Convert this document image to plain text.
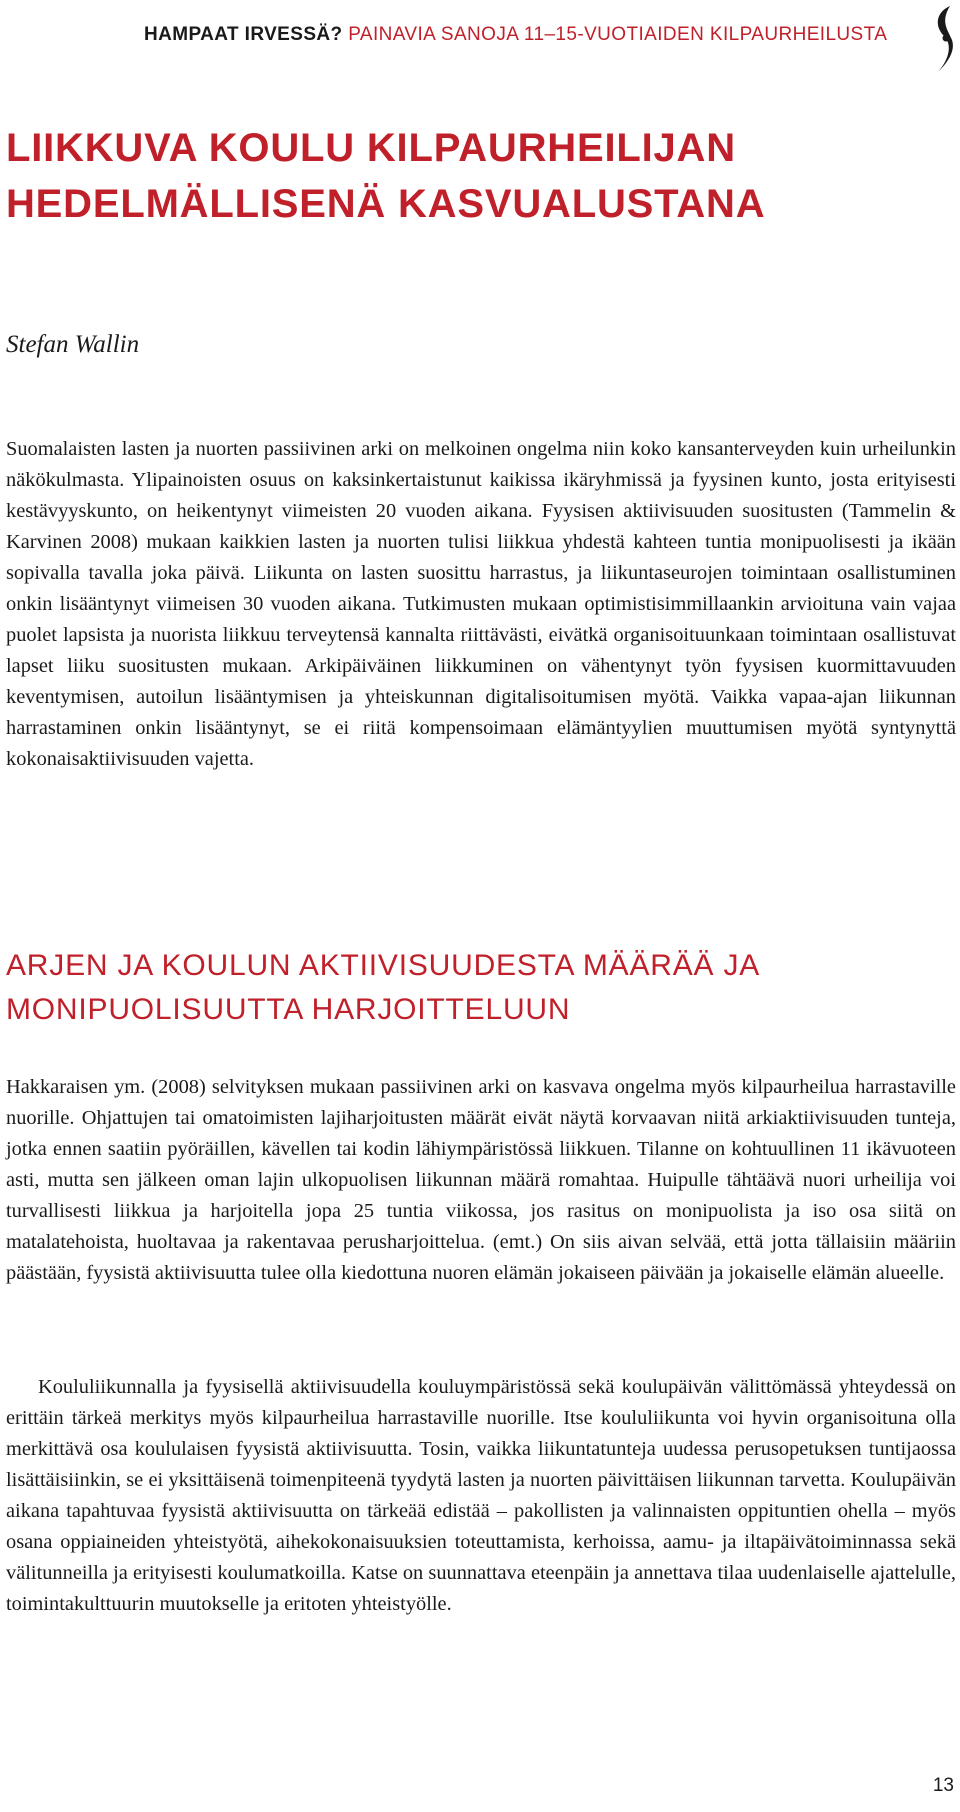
HAMPAAT IRVESSÄ? PAINAVIA SANOJA 11–15-VUOTIAIDEN KILPAURHEILUSTA
LIIKKUVA KOULU KILPAURHEILIJAN
HEDELMÄLLISENÄ KASVUALUSTANA
Stefan Wallin

Suomalaisten lasten ja nuorten passiivinen arki on melkoinen ongelma niin koko kansanterveyden kuin urheilunkin näkökulmasta. Ylipainoisten osuus on kaksinkertaistunut kaikissa ikäryhmissä ja fyysinen kunto, josta erityisesti kestävyyskunto, on heikentynyt viimeisten 20 vuoden aikana. Fyysisen aktiivisuuden suositusten (Tammelin & Karvinen 2008) mukaan kaikkien lasten ja nuorten tulisi liikkua yhdestä kahteen tuntia monipuolisesti ja ikään sopivalla tavalla joka päivä. Liikunta on lasten suosittu harrastus, ja liikuntaseurojen toimintaan osallistuminen onkin lisääntynyt viimeisen 30 vuoden aikana. Tutkimusten mukaan optimistisimmillaankin arvioituna vain vajaa puolet lapsista ja nuorista liikkuu terveytensä kannalta riittävästi, eivätkä organisoituunkaan toimintaan osallistuvat lapset liiku suositusten mukaan. Arkipäiväinen liikkuminen on vähentynyt työn fyysisen kuormittavuuden keventymisen, autoilun lisääntymisen ja yhteiskunnan digitalisoitumisen myötä. Vaikka vapaa-ajan liikunnan harrastaminen onkin lisääntynyt, se ei riitä kompensoimaan elämäntyylien muuttumisen myötä syntynyttä kokonaisaktiivisuuden vajetta.

ARJEN JA KOULUN AKTIIVISUUDESTA MÄÄRÄÄ JA
MONIPUOLISUUTTA HARJOITTELUUN

Hakkaraisen ym. (2008) selvityksen mukaan passiivinen arki on kasvava ongelma myös kilpaurheilua harrastaville nuorille. Ohjattujen tai omatoimisten lajiharjoitusten määrät eivät näytä korvaavan niitä arkiaktiivisuuden tunteja, jotka ennen saatiin pyöräillen, kävellen tai kodin lähiympäristössä liikkuen. Tilanne on kohtuullinen 11 ikävuoteen asti, mutta sen jälkeen oman lajin ulkopuolisen liikunnan määrä romahtaa. Huipulle tähtäävä nuori urheilija voi turvallisesti liikkua ja harjoitella jopa 25 tuntia viikossa, jos rasitus on monipuolista ja iso osa siitä on matalatehoista, huoltavaa ja rakentavaa perusharjoittelua. (emt.) On siis aivan selvää, että jotta tällaisiin määriin päästään, fyysistä aktiivisuutta tulee olla kiedottuna nuoren elämän jokaiseen päivään ja jokaiselle elämän alueelle.

Koululiikunnalla ja fyysisellä aktiivisuudella kouluympäristössä sekä koulupäivän välittömässä yhteydessä on erittäin tärkeä merkitys myös kilpaurheilua harrastaville nuorille. Itse koululiikunta voi hyvin organisoituna olla merkittävä osa koululaisen fyysistä aktiivisuutta. Tosin, vaikka liikuntatunteja uudessa perusopetuksen tuntijaossa lisättäisiinkin, se ei yksittäisenä toimenpiteenä tyydytä lasten ja nuorten päivittäisen liikunnan tarvetta. Koulupäivän aikana tapahtuvaa fyysistä aktiivisuutta on tärkeää edistää – pakollisten ja valinnaisten oppituntien ohella – myös osana oppiaineiden yhteistyötä, aihekokonaisuuksien toteuttamista, kerhoissa, aamu- ja iltapäivätoiminnassa sekä välitunneilla ja erityisesti koulumatkoilla. Katse on suunnattava eteenpäin ja annettava tilaa uudenlaiselle ajattelulle, toimintakulttuurin muutokselle ja eritoten yhteistyölle.

13
